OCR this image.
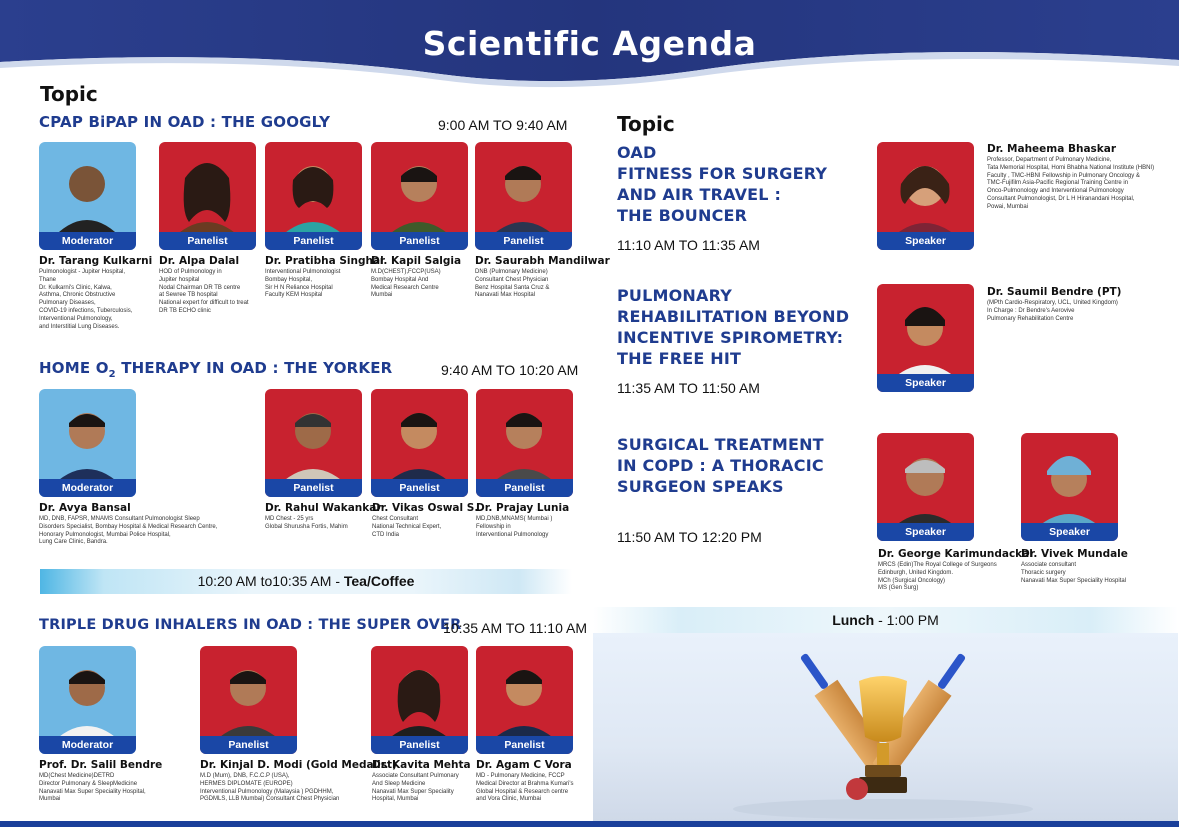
Scientific Agenda
Topic
CPAP BiPAP IN OAD : THE GOOGLY	9:00 AM TO 9:40 AM
Moderator	Panelist	Panelist	Panelist	Panelist
Dr. Tarang Kulkarni
Pulmonologist - Jupiter Hospital,
Thane
Dr. Kulkarni's Clinic, Kalwa,
Asthma, Chronic Obstructive
Pulmonary Diseases,
COVID-19 infections, Tuberculosis,
Interventional Pulmonology,
and Interstitial Lung Diseases.
Dr. Alpa Dalal
HOD of Pulmonology in
Jupiter hospital
Nodal Chairman DR TB centre
at Sewree TB hospital
National expert for difficult to treat
DR TB ECHO clinic
Dr. Pratibha Singhal
Interventional Pulmonologist
Bombay Hospital,
Sir H N Reliance Hospital
Faculty KEM Hospital
Dr. Kapil Salgia
M.D(CHEST),FCCP(USA)
Bombay Hospital And
Medical Research Centre
Mumbai
Dr. Saurabh Mandilwar
DNB (Pulmonary Medicine)
Consultant Chest Physician
Benz Hospital Santa Cruz &
Nanavati Max Hospital
HOME $O_2$ THERAPY IN OAD : THE YORKER	9:40 AM TO 10:20 AM
Moderator	Panelist	Panelist	Panelist
Dr. Avya Bansal
MD, DNB, FAPSR, MNAMS Consultant Pulmonologist Sleep
Disorders Specialist, Bombay Hospital & Medical Research Centre,
Honorary Pulmonologist, Mumbai Police Hospital,
Lung Care Clinic, Bandra.
Dr. Rahul Wakankar
MD Chest - 25 yrs
Global Shurusha Fortis, Mahim
Dr. Vikas Oswal S.
Chest Consultant
National Technical Expert,
CTD India
Dr. Prajay Lunia
MD,DNB,MNAMS( Mumbai )
Fellowship in
Interventional Pulmonology
10:20 AM to10:35 AM - Tea/Coffee
TRIPLE DRUG INHALERS IN OAD : THE SUPER OVER
10:35 AM TO 11:10 AM
Moderator	Panelist	Panelist	Panelist
Prof. Dr. Salil Bendre
MD(Chest Medicine)DETRD
Director Pulmonary & SleepMedicine
Nanavati Max Super Speciality Hospital,
Mumbai
Dr. Kinjal D. Modi (Gold Medalist)
M.D (Mum), DNB, F.C.C.P (USA),
HERMES DIPLOMATE (EUROPE)
Interventional Pulmonology (Malaysia ) PGDHHM,
PGDMLS, LLB Mumbai) Consultant Chest Physician
Dr. Kavita Mehta
Associate Consultant Pulmonary
And Sleep Medicine
Nanavati Max Super Speciality
Hospital, Mumbai
Dr. Agam C Vora
MD - Pulmonary Medicine, FCCP
Medical Director at Brahma Kumari's
Global Hospital & Research centre
and Vora Clinic, Mumbai
Topic
OAD
FITNESS FOR SURGERY
AND AIR TRAVEL :
THE BOUNCER
11:10 AM TO 11:35 AM	Speaker
Dr. Maheema Bhaskar
Professor, Department of Pulmonary Medicine,
Tata Memorial Hospital, Homi Bhabha National Institute (HBNI)
Faculty , TMC-HBNI Fellowship in Pulmonary Oncology &
TMC-Fujifilm Asia-Pacific Regional Training Centre in
Onco-Pulmonology and Interventional Pulmonology
Consultant Pulmonologist, Dr L H Hiranandani Hospital,
Powai, Mumbai
PULMONARY
REHABILITATION BEYOND
INCENTIVE SPIROMETRY:
THE FREE HIT
11:35 AM TO 11:50 AM	Speaker
Dr. Saumil Bendre (PT)
(MPth Cardio-Respiratory, UCL, United Kingdom)
In Charge : Dr Bendre's Aerovive
Pulmonary Rehabilitation Centre
SURGICAL TREATMENT
IN COPD : A THORACIC
SURGEON SPEAKS
11:50 AM TO 12:20 PM	Speaker	Speaker
Dr. George Karimundackal
MRCS (Edin)The Royal College of Surgeons
Edinburgh, United Kingdom.
MCh (Surgical Oncology)
MS (Gen Surg)
Dr. Vivek Mundale
Associate consultant
Thoracic surgery
Nanavati Max Super Speciality Hospital
Lunch - 1:00 PM
